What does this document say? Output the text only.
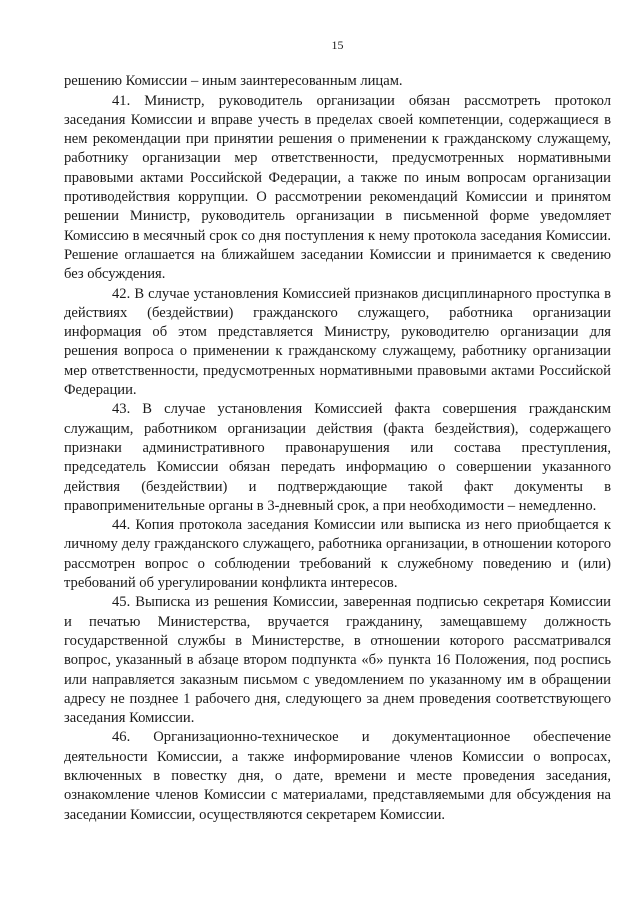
15

решению Комиссии – иным заинтересованным лицам.

41. Министр, руководитель организации обязан рассмотреть протокол заседания Комиссии и вправе учесть в пределах своей компетенции, содержащиеся в нем рекомендации при принятии решения о применении к гражданскому служащему, работнику организации мер ответственности, предусмотренных нормативными правовыми актами Российской Федерации, а также по иным вопросам организации противодействия коррупции. О рассмотрении рекомендаций Комиссии и принятом решении Министр, руководитель организации в письменной форме уведомляет Комиссию в месячный срок со дня поступления к нему протокола заседания Комиссии. Решение оглашается на ближайшем заседании Комиссии и принимается к сведению без обсуждения.

42. В случае установления Комиссией признаков дисциплинарного проступка в действиях (бездействии) гражданского служащего, работника организации информация об этом представляется Министру, руководителю организации для решения вопроса о применении к гражданскому служащему, работнику организации мер ответственности, предусмотренных нормативными правовыми актами Российской Федерации.

43. В случае установления Комиссией факта совершения гражданским служащим, работником организации действия (факта бездействия), содержащего признаки административного правонарушения или состава преступления, председатель Комиссии обязан передать информацию о совершении указанного действия (бездействии) и подтверждающие такой факт документы в правоприменительные органы в 3-дневный срок, а при необходимости – немедленно.

44. Копия протокола заседания Комиссии или выписка из него приобщается к личному делу гражданского служащего, работника организации, в отношении которого рассмотрен вопрос о соблюдении требований к служебному поведению и (или) требований об урегулировании конфликта интересов.

45. Выписка из решения Комиссии, заверенная подписью секретаря Комиссии и печатью Министерства, вручается гражданину, замещавшему должность государственной службы в Министерстве, в отношении которого рассматривался вопрос, указанный в абзаце втором подпункта «б» пункта 16 Положения, под роспись или направляется заказным письмом с уведомлением по указанному им в обращении адресу не позднее 1 рабочего дня, следующего за днем проведения соответствующего заседания Комиссии.

46. Организационно-техническое и документационное обеспечение деятельности Комиссии, а также информирование членов Комиссии о вопросах, включенных в повестку дня, о дате, времени и месте проведения заседания, ознакомление членов Комиссии с материалами, представляемыми для обсуждения на заседании Комиссии, осуществляются секретарем Комиссии.
